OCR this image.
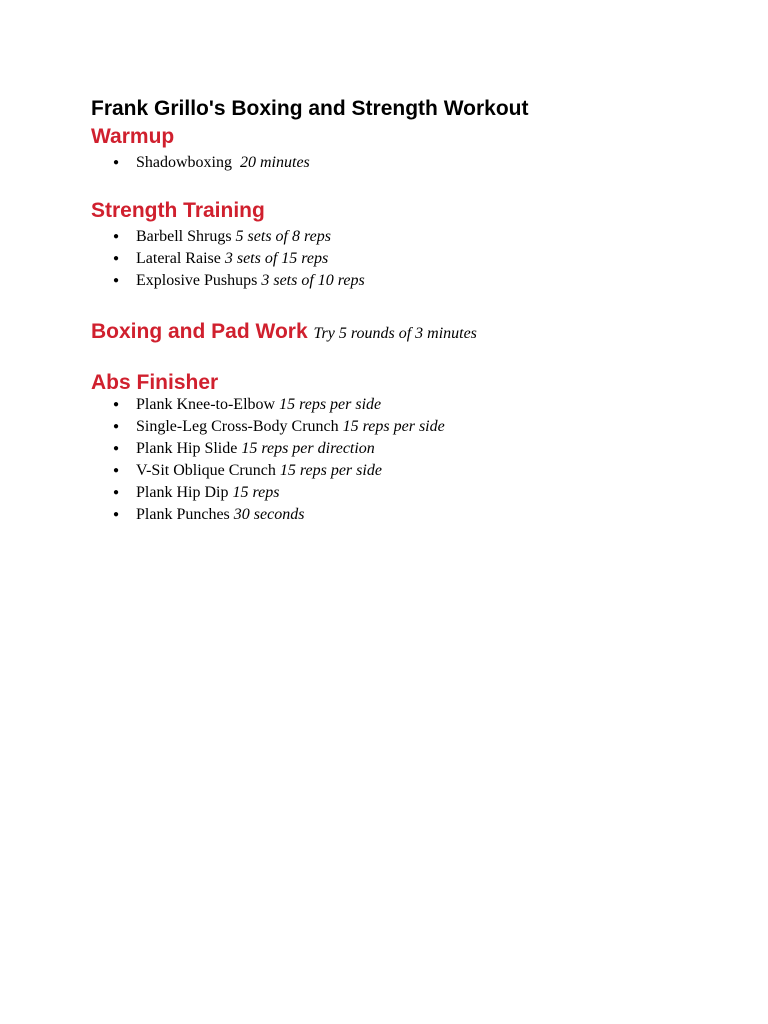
Frank Grillo's Boxing and Strength Workout
Warmup
● Shadowboxing 20 minutes
Strength Training
● Barbell Shrugs 5 sets of 8 reps
● Lateral Raise 3 sets of 15 reps
● Explosive Pushups 3 sets of 10 reps
Boxing and Pad Work Try 5 rounds of 3 minutes
Abs Finisher
● Plank Knee-to-Elbow 15 reps per side
● Single-Leg Cross-Body Crunch 15 reps per side
● Plank Hip Slide 15 reps per direction
● V-Sit Oblique Crunch 15 reps per side
● Plank Hip Dip 15 reps
● Plank Punches 30 seconds
